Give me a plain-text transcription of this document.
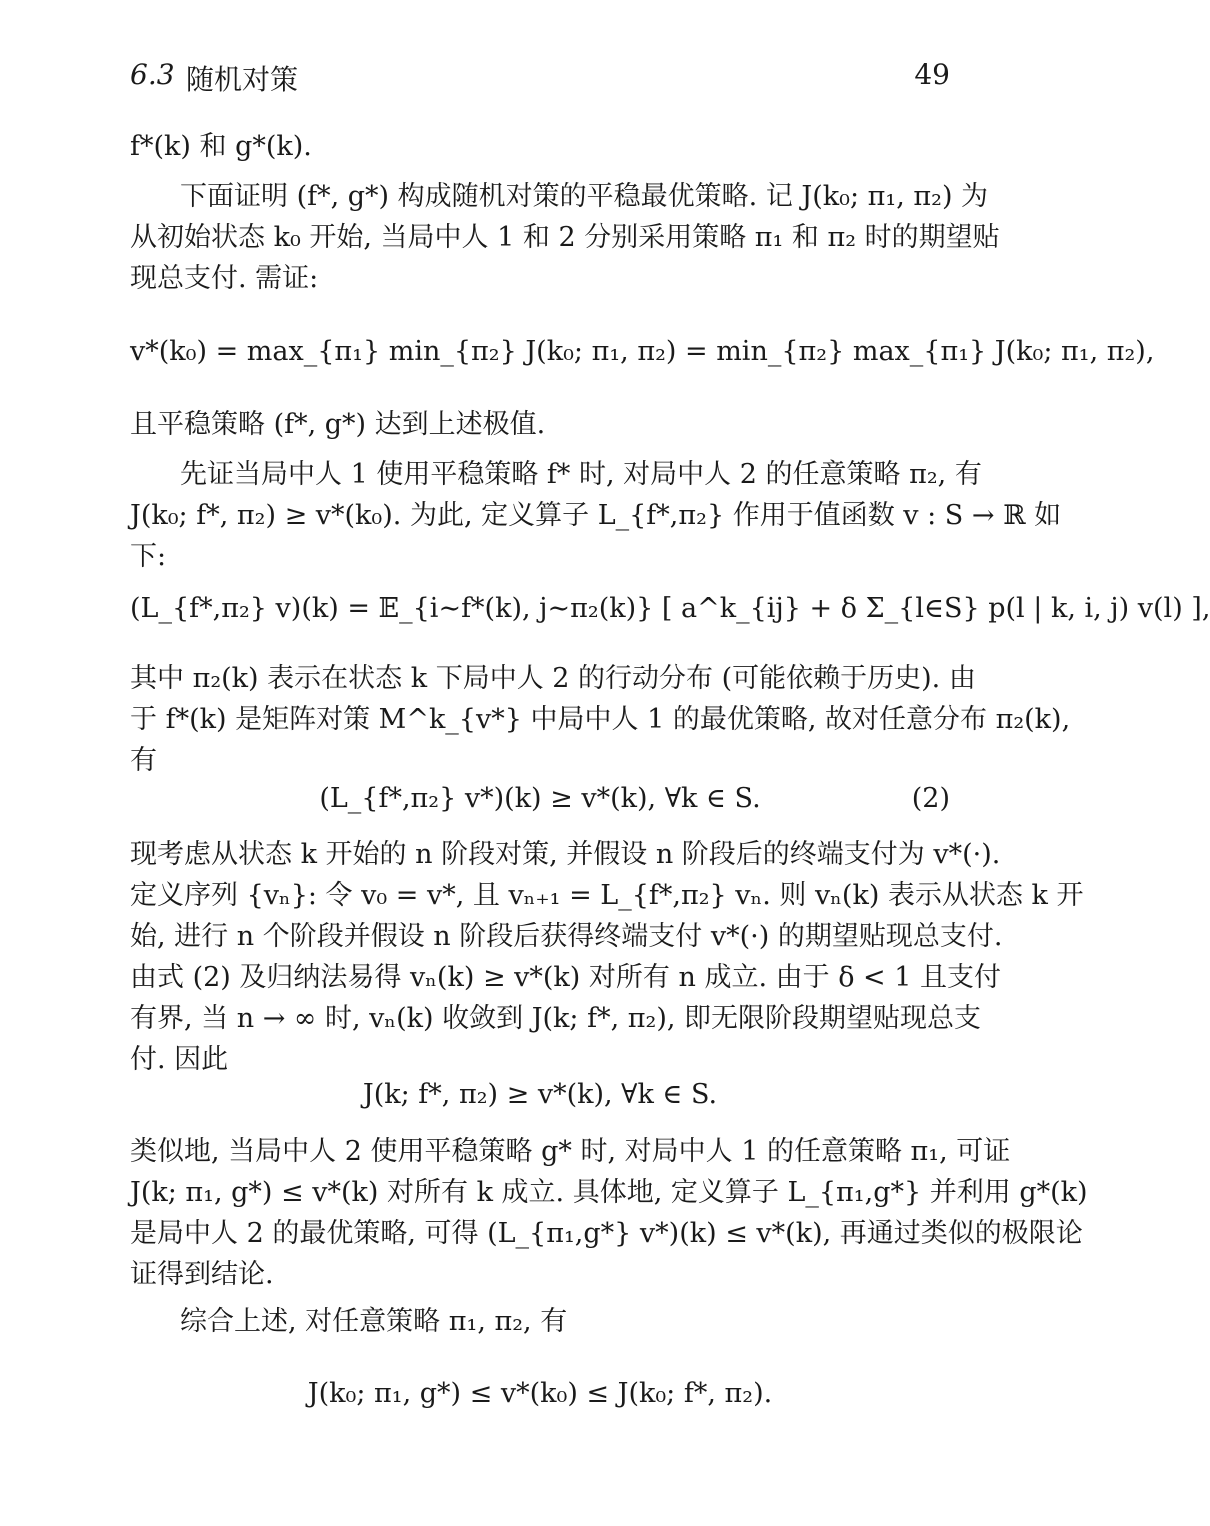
6.3 随机对策	49
f*(k) 和 g*(k).
下面证明 (f*, g*) 构成随机对策的平稳最优策略. 记 J(k₀; π₁, π₂) 为
从初始状态 k₀ 开始, 当局中人 1 和 2 分别采用策略 π₁ 和 π₂ 时的期望贴
现总支付. 需证:
v*(k₀) = max_{π₁} min_{π₂} J(k₀; π₁, π₂) = min_{π₂} max_{π₁} J(k₀; π₁, π₂),
且平稳策略 (f*, g*) 达到上述极值.
先证当局中人 1 使用平稳策略 f* 时, 对局中人 2 的任意策略 π₂, 有
J(k₀; f*, π₂) ≥ v*(k₀). 为此, 定义算子 L_{f*,π₂} 作用于值函数 v : S → ℝ 如
下:
(L_{f*,π₂} v)(k) = 𝔼_{i∼f*(k), j∼π₂(k)} [ a^k_{ij} + δ Σ_{l∈S} p(l | k, i, j) v(l) ],
其中 π₂(k) 表示在状态 k 下局中人 2 的行动分布 (可能依赖于历史). 由
于 f*(k) 是矩阵对策 M^k_{v*} 中局中人 1 的最优策略, 故对任意分布 π₂(k),
有
(L_{f*,π₂} v*)(k) ≥ v*(k), ∀k ∈ S.	(2)
现考虑从状态 k 开始的 n 阶段对策, 并假设 n 阶段后的终端支付为 v*(·).
定义序列 {vₙ}: 令 v₀ = v*, 且 vₙ₊₁ = L_{f*,π₂} vₙ. 则 vₙ(k) 表示从状态 k 开
始, 进行 n 个阶段并假设 n 阶段后获得终端支付 v*(·) 的期望贴现总支付.
由式 (2) 及归纳法易得 vₙ(k) ≥ v*(k) 对所有 n 成立. 由于 δ < 1 且支付
有界, 当 n → ∞ 时, vₙ(k) 收敛到 J(k; f*, π₂), 即无限阶段期望贴现总支
付. 因此
J(k; f*, π₂) ≥ v*(k), ∀k ∈ S.
类似地, 当局中人 2 使用平稳策略 g* 时, 对局中人 1 的任意策略 π₁, 可证
J(k; π₁, g*) ≤ v*(k) 对所有 k 成立. 具体地, 定义算子 L_{π₁,g*} 并利用 g*(k)
是局中人 2 的最优策略, 可得 (L_{π₁,g*} v*)(k) ≤ v*(k), 再通过类似的极限论
证得到结论.
综合上述, 对任意策略 π₁, π₂, 有
J(k₀; π₁, g*) ≤ v*(k₀) ≤ J(k₀; f*, π₂).
